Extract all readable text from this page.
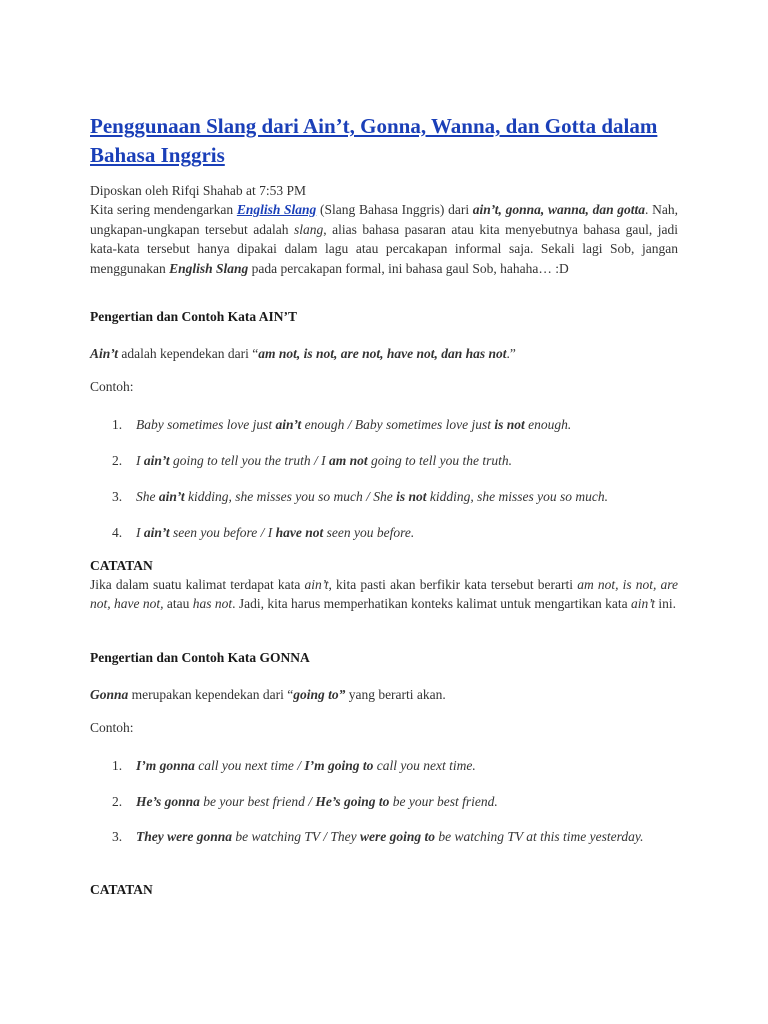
Penggunaan Slang dari Ain’t, Gonna, Wanna, dan Gotta dalam Bahasa Inggris
Diposkan oleh Rifqi Shahab at 7:53 PM

Kita sering mendengarkan English Slang (Slang Bahasa Inggris) dari ain’t, gonna, wanna, dan gotta. Nah, ungkapan-ungkapan tersebut adalah slang, alias bahasa pasaran atau kita menyebutnya bahasa gaul, jadi kata-kata tersebut hanya dipakai dalam lagu atau percakapan informal saja. Sekali lagi Sob, jangan menggunakan English Slang pada percakapan formal, ini bahasa gaul Sob, hahaha… :D

Pengertian dan Contoh Kata AIN’T
Ain’t adalah kependekan dari “am not, is not, are not, have not, dan has not.”
Contoh:
1. Baby sometimes love just ain’t enough / Baby sometimes love just is not enough.
2. I ain’t going to tell you the truth / I am not going to tell you the truth.
3. She ain’t kidding, she misses you so much / She is not kidding, she misses you so much.
4. I ain’t seen you before / I have not seen you before.
CATATAN

Jika dalam suatu kalimat terdapat kata ain’t, kita pasti akan berfikir kata tersebut berarti am not, is not, are not, have not, atau has not. Jadi, kita harus memperhatikan konteks kalimat untuk mengartikan kata ain’t ini.

Pengertian dan Contoh Kata GONNA
Gonna merupakan kependekan dari “going to” yang berarti akan.
Contoh:
1. I’m gonna call you next time / I’m going to call you next time.
2. He’s gonna be your best friend / He’s going to be your best friend.
3. They were gonna be watching TV / They were going to be watching TV at this time yesterday.
CATATAN
